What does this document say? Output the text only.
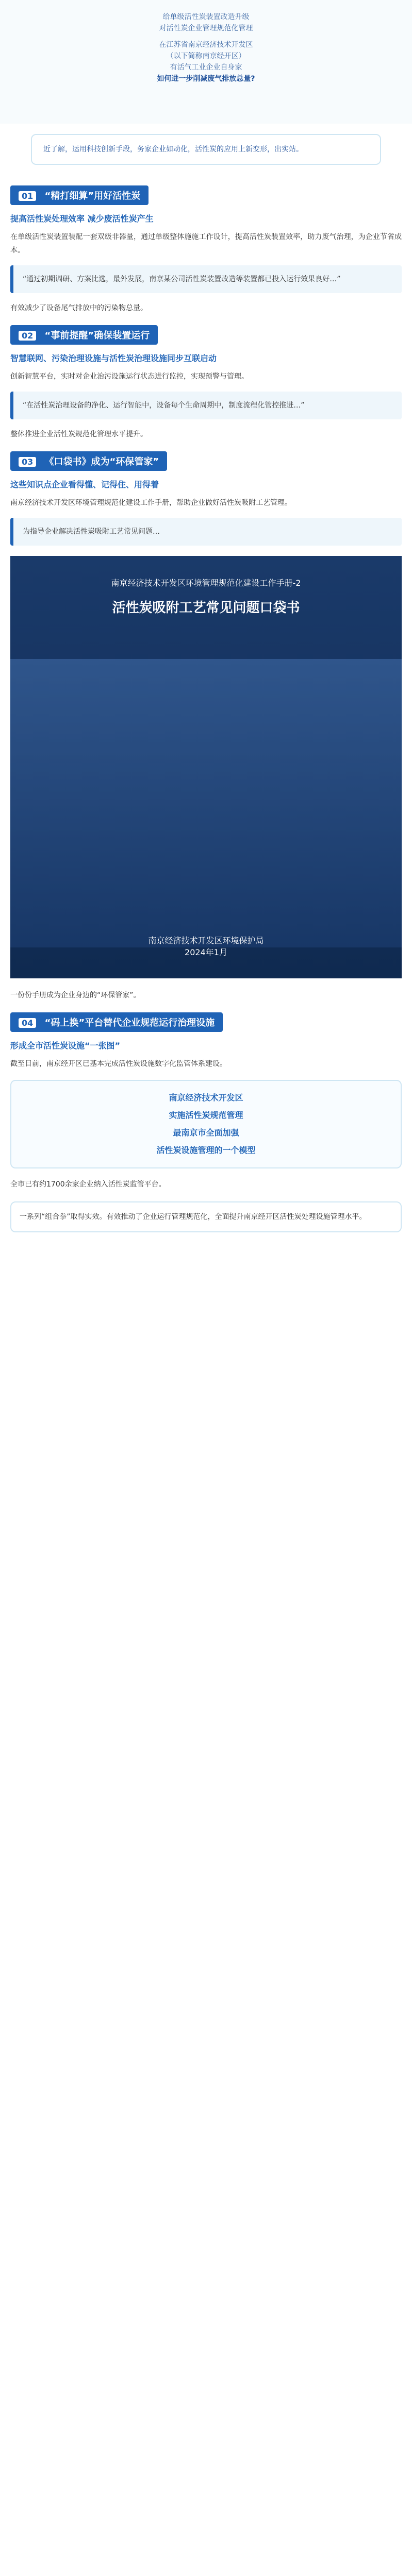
给单级活性炭装置改造升级
对活性炭企业管理规范化管理
在江苏省南京经济技术开发区
（以下简称南京经开区）
有活气工业企业自身家
如何进一步削减废气排放总量?
近了解，运用科技创新手段，务家企业如动化，活性炭的应用上新变形，出实站。
01 “精打细算”用好活性炭
提高活性炭处理效率 减少废活性炭产生
在单级活性炭装置装配一套双级非器量，通过单级整体施施工作设计，提高活性炭装置效率，助力废气治理，为企业节省成本。
“通过初期调研、方案比选，最外发展，南京某公司活性炭装置改造等装置都已投入运行效果良好…”
有效减少了设备尾气排放中的污染物总量。
02 “事前提醒”确保装置运行
智慧联网、污染治理设施与活性炭治理设施同步互联启动
创新智慧平台，实时对企业治污设施运行状态进行监控，实现预警与管理。
“在活性炭治理设备的净化、运行智能中，设备每个生命周期中，制度流程化管控推进…”
整体推进企业活性炭规范化管理水平提升。
03 《口袋书》成为“环保管家”
这些知识点企业看得懂、记得住、用得着
南京经济技术开发区环境管理规范化建设工作手册，帮助企业做好活性炭吸附工艺管理。
为指导企业解决活性炭吸附工艺常见问题…
南京经济技术开发区环境管理规范化建设工作手册-2
活性炭吸附工艺常见问题口袋书
南京经济技术开发区环境保护局
2024年1月
一份份手册成为企业身边的“环保管家”。
04 “码上换”平台替代企业规范运行治理设施
形成全市活性炭设施“一张图”
截至目前，南京经开区已基本完成活性炭设施数字化监管体系建设。
南京经济技术开发区
实施活性炭规范管理
最南京市全面加强
活性炭设施管理的一个模型
全市已有约1700余家企业纳入活性炭监管平台。
一系列“组合拳”取得实效。有效推动了企业运行管理规范化，全面提升南京经开区活性炭处理设施管理水平。
